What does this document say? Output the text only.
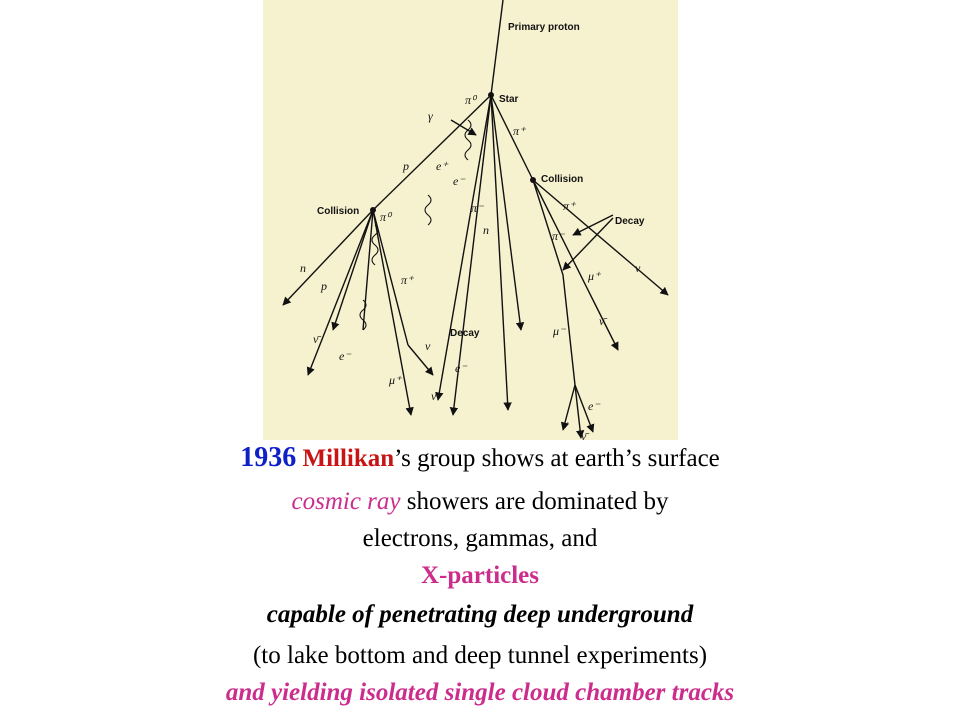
Primary proton
Star
Collision
Collision
Decay
Decay
γ
π⁰
π⁺
p e⁺
e⁻
π⁻
n
π⁺
π⁻
ν
μ⁺
ν̄
μ⁻
e⁻
ν
ν̄
π⁰
n
p	π⁺
ν̄
e⁻
ν
μ⁺
e⁻
ν̄
1936 Millikan’s group shows at earth’s surface
cosmic ray showers are dominated by
electrons, gammas, and
X-particles
capable of penetrating deep underground
(to lake bottom and deep tunnel experiments)
and yielding isolated single cloud chamber tracks
